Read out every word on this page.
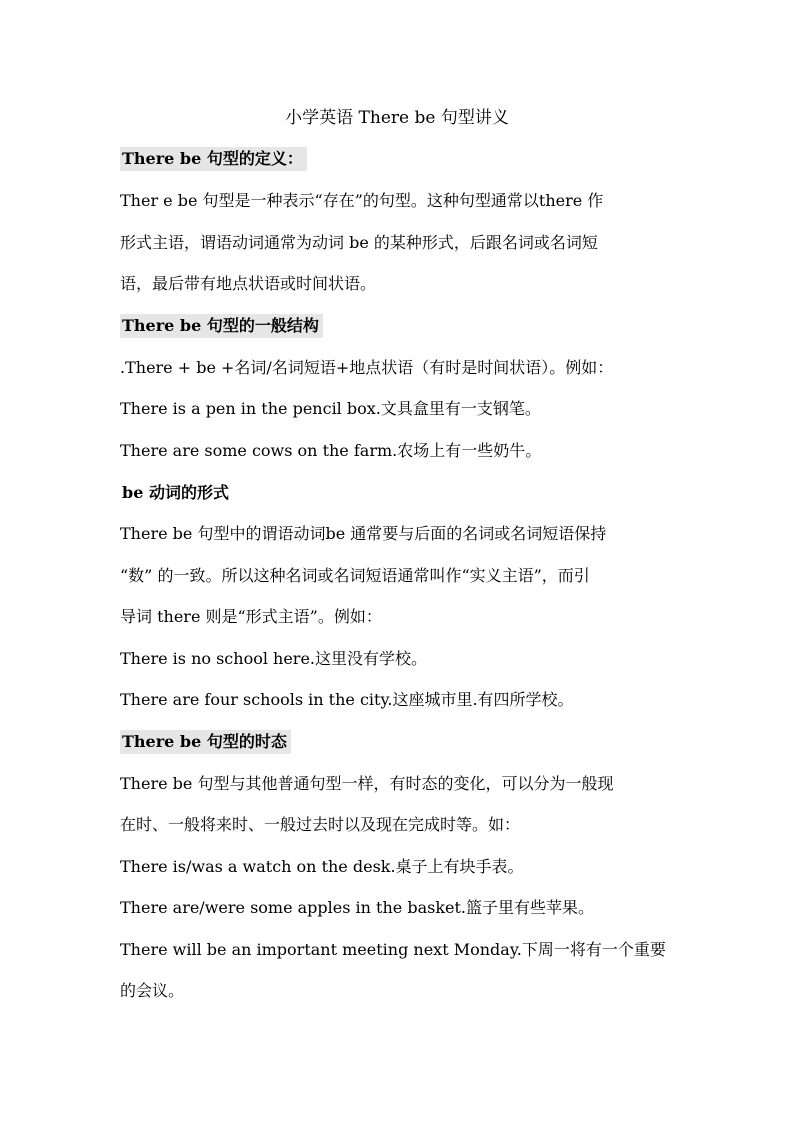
小学英语 There be 句型讲义
There be 句型的定义：
Ther e be 句型是一种表示“存在”的句型。这种句型通常以there 作
形式主语，谓语动词通常为动词 be 的某种形式，后跟名词或名词短
语，最后带有地点状语或时间状语。
There be 句型的一般结构
.There + be +名词/名词短语+地点状语（有时是时间状语）。例如：
There is a pen in the pencil box.文具盒里有一支钢笔。
There are some cows on the farm.农场上有一些奶牛。
be 动词的形式
There be 句型中的谓语动词be 通常要与后面的名词或名词短语保持
“数” 的一致。所以这种名词或名词短语通常叫作“实义主语”，而引
导词 there 则是“形式主语”。例如：
There is no school here.这里没有学校。
There are four schools in the city.这座城市里.有四所学校。
There be 句型的时态
There be 句型与其他普通句型一样，有时态的变化，可以分为一般现
在时、一般将来时、一般过去时以及现在完成时等。如：
There is/was a watch on the desk.桌子上有块手表。
There are/were some apples in the basket.篮子里有些苹果。
There will be an important meeting next Monday.下周一将有一个重要
的会议。
